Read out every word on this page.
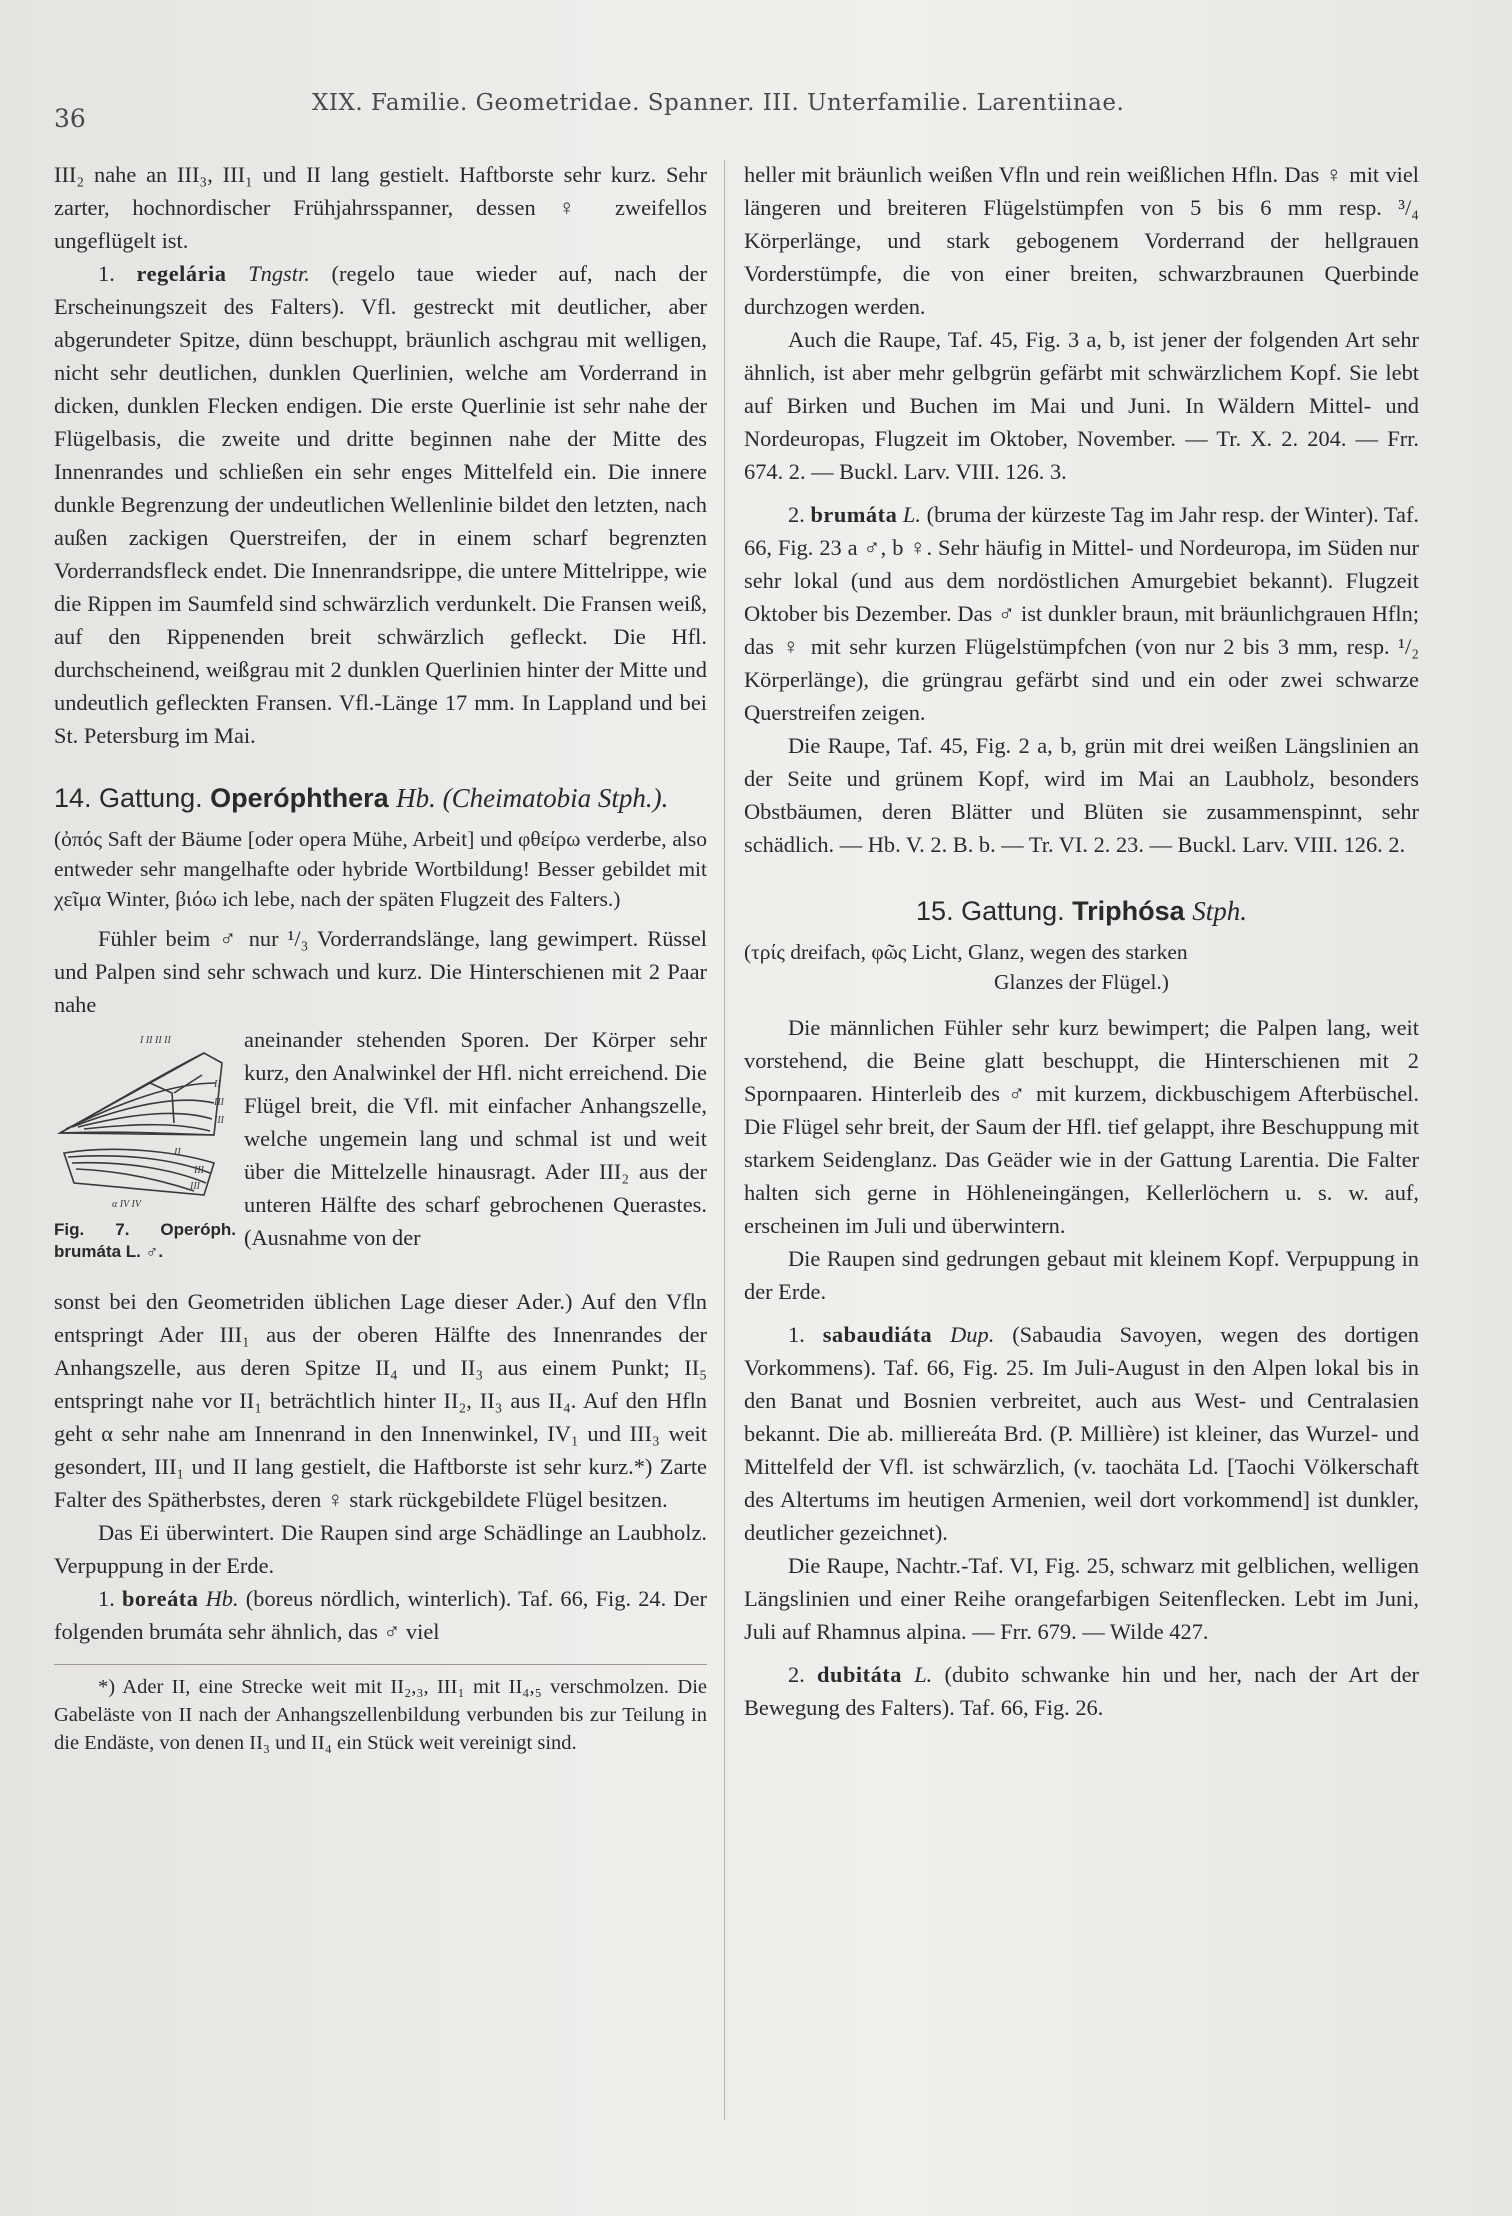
36
XIX. Familie. Geometridae. Spanner. III. Unterfamilie. Larentiinae.

III₂ nahe an III₃, III₁ und II lang gestielt. Haftborste sehr kurz. Sehr zarter, hochnordischer Frühjahrsspanner, dessen ♀ zweifellos ungeflügelt ist.

1. regelária Tngstr. (regelo taue wieder auf, nach der Erscheinungszeit des Falters). Vfl. gestreckt mit deutlicher, aber abgerundeter Spitze, dünn beschuppt, bräunlich aschgrau mit welligen, nicht sehr deutlichen, dunklen Querlinien, welche am Vorderrand in dicken, dunklen Flecken endigen. Die erste Querlinie ist sehr nahe der Flügelbasis, die zweite und dritte beginnen nahe der Mitte des Innenrandes und schließen ein sehr enges Mittelfeld ein. Die innere dunkle Begrenzung der undeutlichen Wellenlinie bildet den letzten, nach außen zackigen Querstreifen, der in einem scharf begrenzten Vorderrandsfleck endet. Die Innenrandsrippe, die untere Mittelrippe, wie die Rippen im Saumfeld sind schwärzlich verdunkelt. Die Fransen weiß, auf den Rippenenden breit schwärzlich gefleckt. Die Hfl. durchscheinend, weißgrau mit 2 dunklen Querlinien hinter der Mitte und undeutlich gefleckten Fransen. Vfl.-Länge 17 mm. In Lappland und bei St. Petersburg im Mai.

14. Gattung. Operóphthera Hb. (Cheimatobia Stph.).

(ὀπός Saft der Bäume [oder opera Mühe, Arbeit] und φθείρω verderbe, also entweder sehr mangelhafte oder hybride Wortbildung! Besser gebildet mit χεῖμα Winter, βιόω ich lebe, nach der späten Flugzeit des Falters.)

Fühler beim ♂ nur ¹/₃ Vorderrandslänge, lang gewimpert. Rüssel und Palpen sind sehr schwach und kurz. Die Hinterschienen mit 2 Paar nahe

I II II II
II
III
III
II
III
III
α IV IV
Fig. 7. Operóph. brumáta L. ♂.

aneinander stehenden Sporen. Der Körper sehr kurz, den Analwinkel der Hfl. nicht erreichend. Die Flügel breit, die Vfl. mit einfacher Anhangszelle, welche ungemein lang und schmal ist und weit über die Mittelzelle hinausragt. Ader III₂ aus der unteren Hälfte des scharf gebrochenen Querastes. (Ausnahme von der

sonst bei den Geometriden üblichen Lage dieser Ader.) Auf den Vfln entspringt Ader III₁ aus der oberen Hälfte des Innenrandes der Anhangszelle, aus deren Spitze II₄ und II₃ aus einem Punkt; II₅ entspringt nahe vor II₁ beträchtlich hinter II₂, II₃ aus II₄. Auf den Hfln geht α sehr nahe am Innenrand in den Innenwinkel, IV₁ und III₃ weit gesondert, III₁ und II lang gestielt, die Haftborste ist sehr kurz.*) Zarte Falter des Spätherbstes, deren ♀ stark rückgebildete Flügel besitzen.

Das Ei überwintert. Die Raupen sind arge Schädlinge an Laubholz. Verpuppung in der Erde.

1. boreáta Hb. (boreus nördlich, winterlich). Taf. 66, Fig. 24. Der folgenden brumáta sehr ähnlich, das ♂ viel

*) Ader II, eine Strecke weit mit II₂,₃, III₁ mit II₄,₅ verschmolzen. Die Gabeläste von II nach der Anhangszellenbildung verbunden bis zur Teilung in die Endäste, von denen II₃ und II₄ ein Stück weit vereinigt sind.

heller mit bräunlich weißen Vfln und rein weißlichen Hfln. Das ♀ mit viel längeren und breiteren Flügelstümpfen von 5 bis 6 mm resp. ³/₄ Körperlänge, und stark gebogenem Vorderrand der hellgrauen Vorderstümpfe, die von einer breiten, schwarzbraunen Querbinde durchzogen werden.

Auch die Raupe, Taf. 45, Fig. 3 a, b, ist jener der folgenden Art sehr ähnlich, ist aber mehr gelbgrün gefärbt mit schwärzlichem Kopf. Sie lebt auf Birken und Buchen im Mai und Juni. In Wäldern Mittel- und Nordeuropas, Flugzeit im Oktober, November. — Tr. X. 2. 204. — Frr. 674. 2. — Buckl. Larv. VIII. 126. 3.

2. brumáta L. (bruma der kürzeste Tag im Jahr resp. der Winter). Taf. 66, Fig. 23 a ♂, b ♀. Sehr häufig in Mittel- und Nordeuropa, im Süden nur sehr lokal (und aus dem nordöstlichen Amurgebiet bekannt). Flugzeit Oktober bis Dezember. Das ♂ ist dunkler braun, mit bräunlichgrauen Hfln; das ♀ mit sehr kurzen Flügelstümpfchen (von nur 2 bis 3 mm, resp. ¹/₂ Körperlänge), die grüngrau gefärbt sind und ein oder zwei schwarze Querstreifen zeigen.

Die Raupe, Taf. 45, Fig. 2 a, b, grün mit drei weißen Längslinien an der Seite und grünem Kopf, wird im Mai an Laubholz, besonders Obstbäumen, deren Blätter und Blüten sie zusammenspinnt, sehr schädlich. — Hb. V. 2. B. b. — Tr. VI. 2. 23. — Buckl. Larv. VIII. 126. 2.

15. Gattung. Triphósa Stph.

(τρίς dreifach, φῶς Licht, Glanz, wegen des starken

Glanzes der Flügel.)

Die männlichen Fühler sehr kurz bewimpert; die Palpen lang, weit vorstehend, die Beine glatt beschuppt, die Hinterschienen mit 2 Spornpaaren. Hinterleib des ♂ mit kurzem, dickbuschigem Afterbüschel. Die Flügel sehr breit, der Saum der Hfl. tief gelappt, ihre Beschuppung mit starkem Seidenglanz. Das Geäder wie in der Gattung Larentia. Die Falter halten sich gerne in Höhleneingängen, Kellerlöchern u. s. w. auf, erscheinen im Juli und überwintern.

Die Raupen sind gedrungen gebaut mit kleinem Kopf. Verpuppung in der Erde.

1. sabaudiáta Dup. (Sabaudia Savoyen, wegen des dortigen Vorkommens). Taf. 66, Fig. 25. Im Juli-August in den Alpen lokal bis in den Banat und Bosnien verbreitet, auch aus West- und Centralasien bekannt. Die ab. milliereáta Brd. (P. Millière) ist kleiner, das Wurzel- und Mittelfeld der Vfl. ist schwärzlich, (v. taochäta Ld. [Taochi Völkerschaft des Altertums im heutigen Armenien, weil dort vorkommend] ist dunkler, deutlicher gezeichnet).

Die Raupe, Nachtr.-Taf. VI, Fig. 25, schwarz mit gelblichen, welligen Längslinien und einer Reihe orangefarbigen Seitenflecken. Lebt im Juni, Juli auf Rhamnus alpina. — Frr. 679. — Wilde 427.

2. dubitáta L. (dubito schwanke hin und her, nach der Art der Bewegung des Falters). Taf. 66, Fig. 26.
